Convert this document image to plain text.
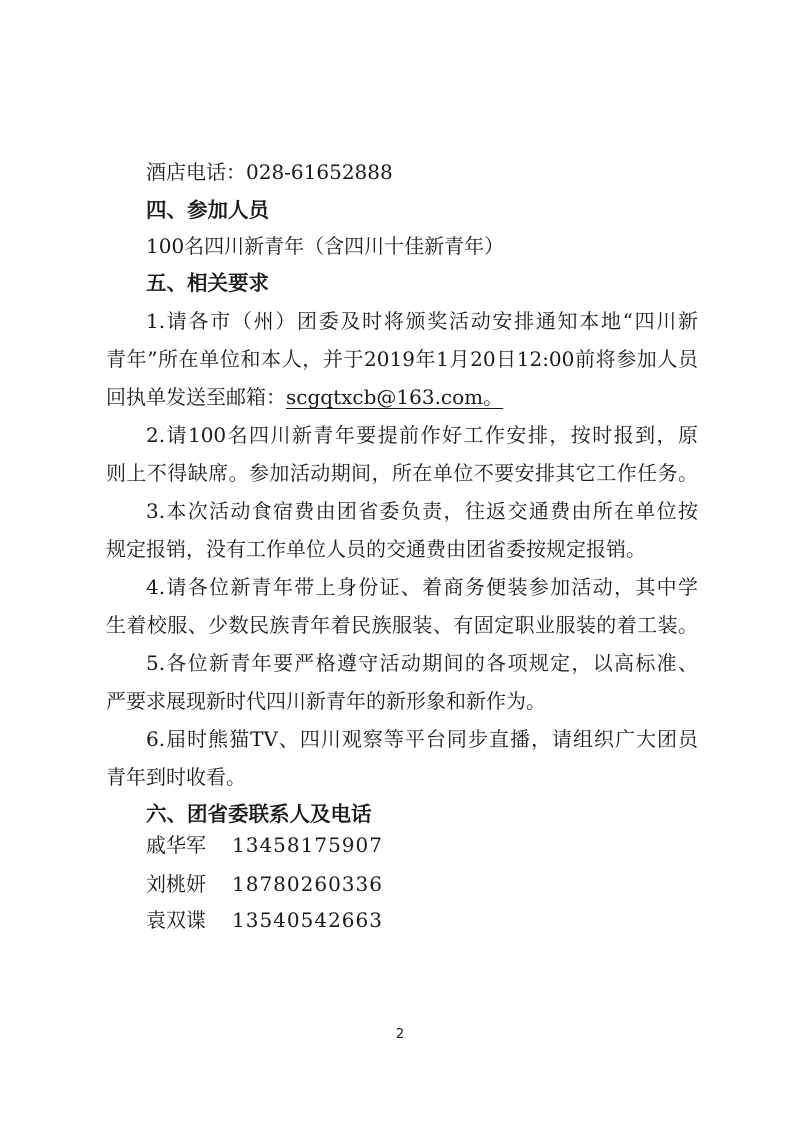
酒店电话：028-61652888
四、参加人员
100名四川新青年（含四川十佳新青年）
五、相关要求
1.请各市（州）团委及时将颁奖活动安排通知本地“四川新
青年”所在单位和本人，并于2019年1月20日12:00前将参加人员
回执单发送至邮箱：scgqtxcb@163.com。
2.请100名四川新青年要提前作好工作安排，按时报到，原
则上不得缺席。参加活动期间，所在单位不要安排其它工作任务。
3.本次活动食宿费由团省委负责，往返交通费由所在单位按
规定报销，没有工作单位人员的交通费由团省委按规定报销。
4.请各位新青年带上身份证、着商务便装参加活动，其中学
生着校服、少数民族青年着民族服装、有固定职业服装的着工装。
5.各位新青年要严格遵守活动期间的各项规定，以高标准、
严要求展现新时代四川新青年的新形象和新作为。
6.届时熊猫TV、四川观察等平台同步直播，请组织广大团员
青年到时收看。
六、团省委联系人及电话
戚华军 13458175907
刘桃妍 18780260336
袁双谍 13540542663
2
